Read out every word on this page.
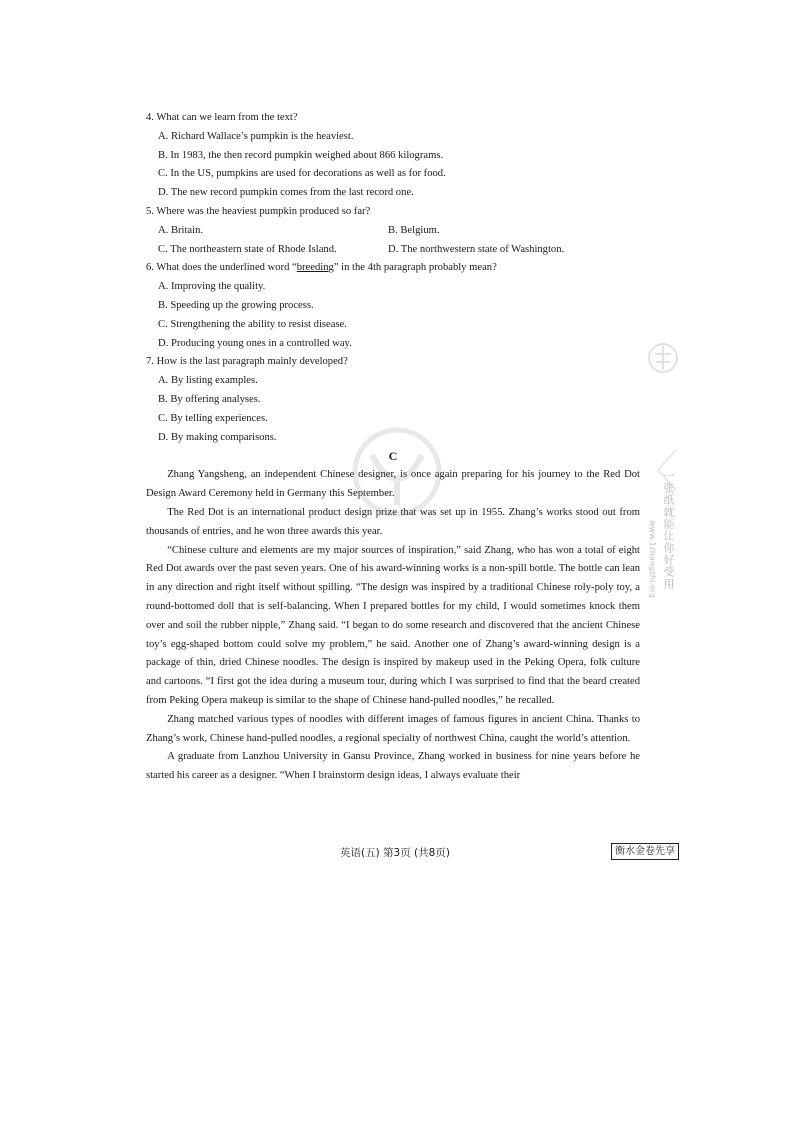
4. What can we learn from the text?

A. Richard Wallace’s pumpkin is the heaviest.

B. In 1983, the then record pumpkin weighed about 866 kilograms.

C. In the US, pumpkins are used for decorations as well as for food.

D. The new record pumpkin comes from the last record one.

5. Where was the heaviest pumpkin produced so far?

A. Britain.	B. Belgium.
C. The northeastern state of Rhode Island.	D. The northwestern state of Washington.

6. What does the underlined word “breeding” in the 4th paragraph probably mean?

A. Improving the quality.

B. Speeding up the growing process.

C. Strengthening the ability to resist disease.

D. Producing young ones in a controlled way.

7. How is the last paragraph mainly developed?

A. By listing examples.

B. By offering analyses.

C. By telling experiences.

D. By making comparisons.

C

Zhang Yangsheng, an independent Chinese designer, is once again preparing for his journey to the Red Dot Design Award Ceremony held in Germany this September.

The Red Dot is an international product design prize that was set up in 1955. Zhang’s works stood out from thousands of entries, and he won three awards this year.

“Chinese culture and elements are my major sources of inspiration,” said Zhang, who has won a total of eight Red Dot awards over the past seven years. One of his award-winning works is a non-spill bottle. The bottle can lean in any direction and right itself without spilling. “The design was inspired by a traditional Chinese roly-poly toy, a round-bottomed doll that is self-balancing. When I prepared bottles for my child, I would sometimes knock them over and soil the rubber nipple,” Zhang said. “I began to do some research and discovered that the ancient Chinese toy’s egg-shaped bottom could solve my problem,” he said. Another one of Zhang’s award-winning design is a package of thin, dried Chinese noodles. The design is inspired by makeup used in the Peking Opera, folk culture and cartoons. “I first got the idea during a museum tour, during which I was surprised to find that the beard created from Peking Opera makeup is similar to the shape of Chinese hand-pulled noodles,” he recalled.

Zhang matched various types of noodles with different images of famous figures in ancient China. Thanks to Zhang’s work, Chinese hand-pulled noodles, a regional specialty of northwest China, caught the world’s attention.

A graduate from Lanzhou University in Gansu Province, Zhang worked in business for nine years before he started his career as a designer. “When I brainstorm design ideas, I always evaluate their

一张纸就能让你好受用
www.1zhangzhi.org
英语(五) 第3页 (共8页)	衡水金卷先享
